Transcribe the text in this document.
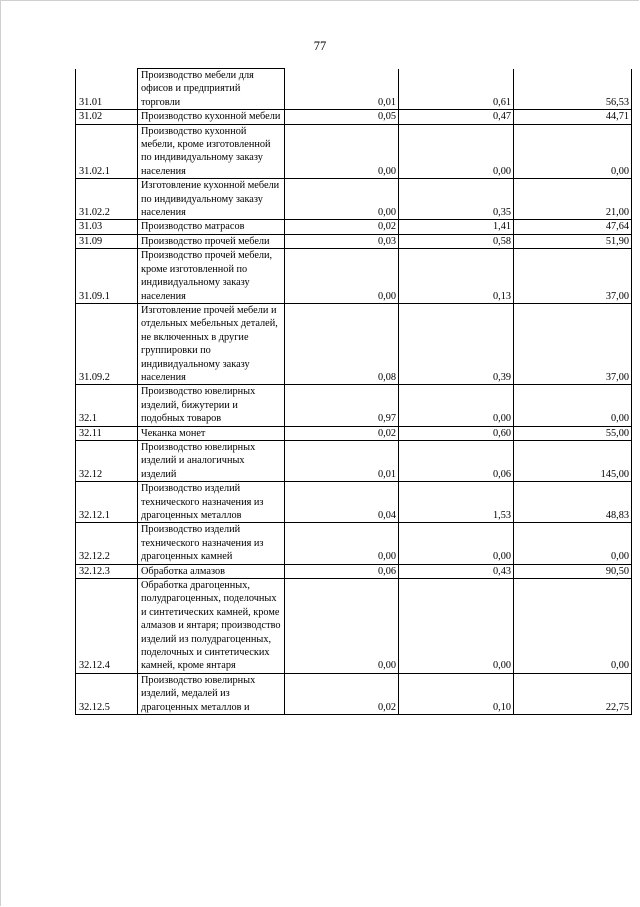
77
31.01	Производство мебели для офисов и предприятий торговли	0,01	0,61	56,53
31.02	Производство кухонной мебели	0,05	0,47	44,71
31.02.1	Производство кухонной мебели, кроме изготовленной по индивидуальному заказу населения	0,00	0,00	0,00
31.02.2	Изготовление кухонной мебели по индивидуальному заказу населения	0,00	0,35	21,00
31.03	Производство матрасов	0,02	1,41	47,64
31.09	Производство прочей мебели	0,03	0,58	51,90
31.09.1	Производство прочей мебели, кроме изготовленной по индивидуальному заказу населения	0,00	0,13	37,00
31.09.2	Изготовление прочей мебели и отдельных мебельных деталей, не включенных в другие группировки по индивидуальному заказу населения	0,08	0,39	37,00
32.1	Производство ювелирных изделий, бижутерии и подобных товаров	0,97	0,00	0,00
32.11	Чеканка монет	0,02	0,60	55,00
32.12	Производство ювелирных изделий и аналогичных изделий	0,01	0,06	145,00
32.12.1	Производство изделий технического назначения из драгоценных металлов	0,04	1,53	48,83
32.12.2	Производство изделий технического назначения из драгоценных камней	0,00	0,00	0,00
32.12.3	Обработка алмазов	0,06	0,43	90,50
32.12.4	Обработка драгоценных, полудрагоценных, поделочных и синтетических камней, кроме алмазов и янтаря; производство изделий из полудрагоценных, поделочных и синтетических камней, кроме янтаря	0,00	0,00	0,00
32.12.5	Производство ювелирных изделий, медалей из драгоценных металлов и	0,02	0,10	22,75
